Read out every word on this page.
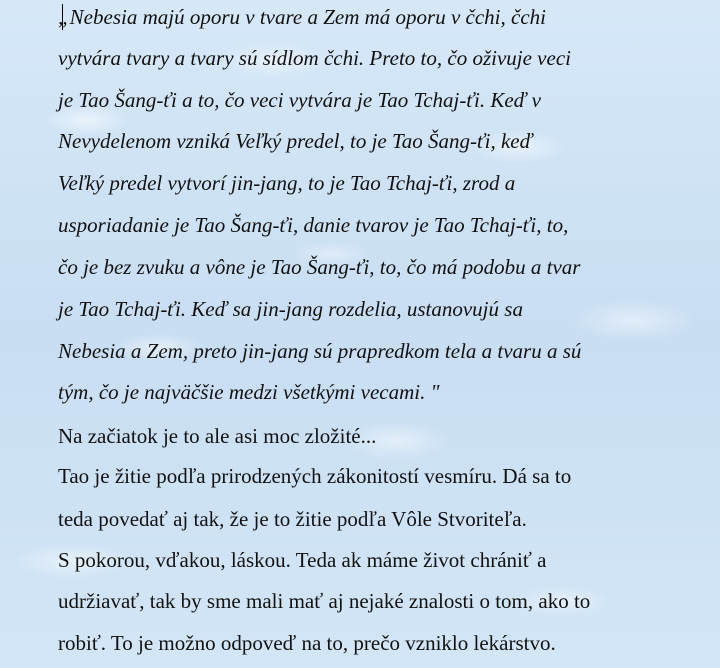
„Nebesia majú oporu v tvare a Zem má oporu v čchi, čchi
vytvára tvary a tvary sú sídlom čchi. Preto to, čo oživuje veci
je Tao Šang-ťi a to, čo veci vytvára je Tao Tchaj-ťi. Keď v
Nevydelenom vzniká Veľký predel, to je Tao Šang-ťi, keď
Veľký predel vytvorí jin-jang, to je Tao Tchaj-ťi, zrod a
usporiadanie je Tao Šang-ťi, danie tvarov je Tao Tchaj-ťi, to,
čo je bez zvuku a vône je Tao Šang-ťi, to, čo má podobu a tvar
je Tao Tchaj-ťi. Keď sa jin-jang rozdelia, ustanovujú sa
Nebesia a Zem, preto jin-jang sú prapredkom tela a tvaru a sú
tým, čo je najväčšie medzi všetkými vecami. "
Na začiatok je to ale asi moc zložité...
Tao je žitie podľa prirodzených zákonitostí vesmíru. Dá sa to
teda povedať aj tak, že je to žitie podľa Vôle Stvoriteľa.
S pokorou, vďakou, láskou. Teda ak máme život chrániť a
udržiavať, tak by sme mali mať aj nejaké znalosti o tom, ako to
robiť. To je možno odpoveď na to, prečo vzniklo lekárstvo.
